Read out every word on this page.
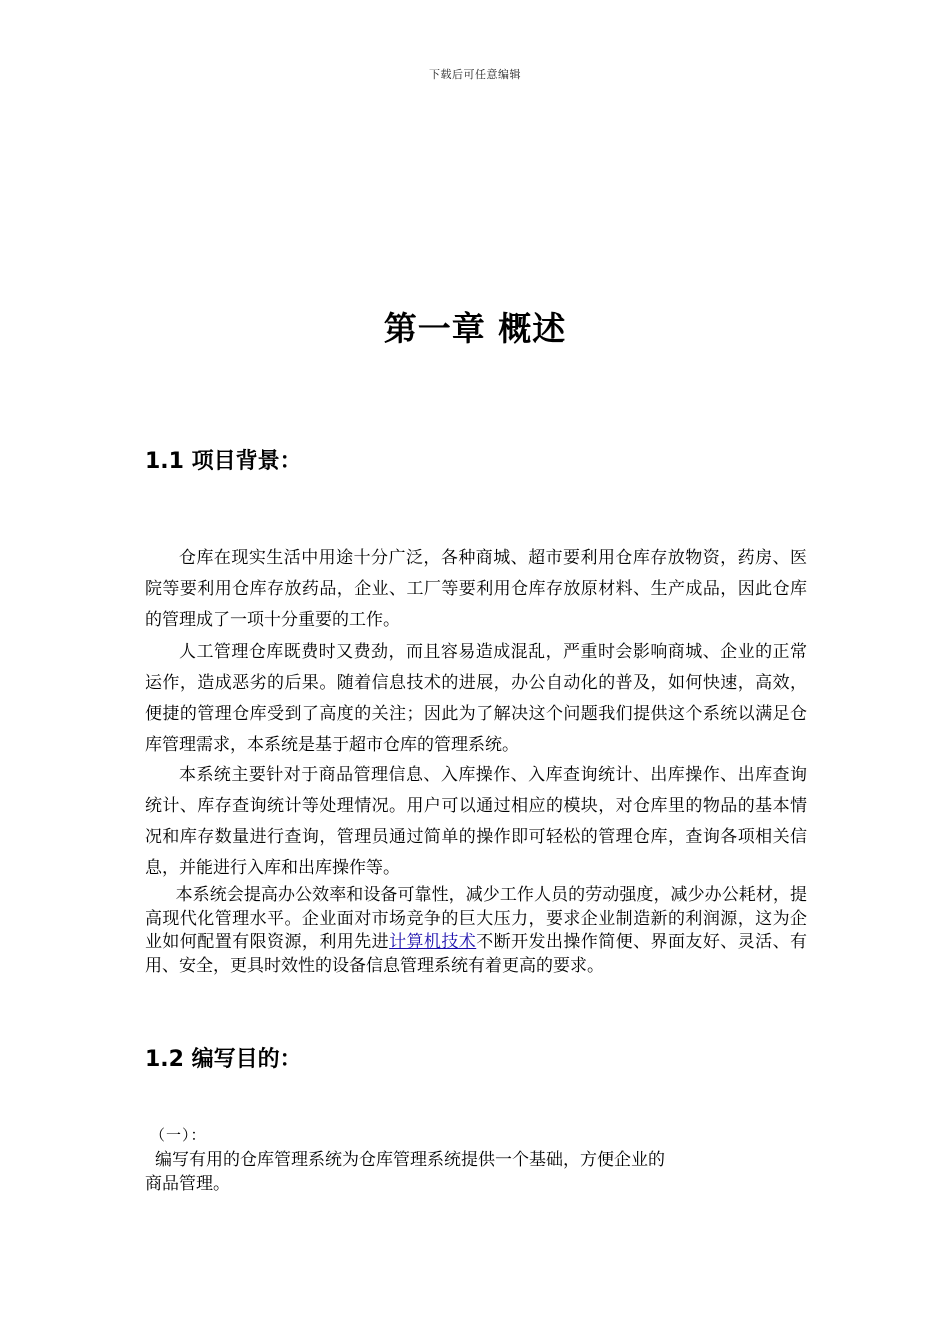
下载后可任意编辑
第一章 概述
1.1 项目背景：

仓库在现实生活中用途十分广泛，各种商城、超市要利用仓库存放物资，药房、医院等要利用仓库存放药品，企业、工厂等要利用仓库存放原材料、生产成品，因此仓库的管理成了一项十分重要的工作。

人工管理仓库既费时又费劲，而且容易造成混乱，严重时会影响商城、企业的正常运作，造成恶劣的后果。随着信息技术的进展，办公自动化的普及，如何快速，高效，便捷的管理仓库受到了高度的关注；因此为了解决这个问题我们提供这个系统以满足仓库管理需求，本系统是基于超市仓库的管理系统。

本系统主要针对于商品管理信息、入库操作、入库查询统计、出库操作、出库查询统计、库存查询统计等处理情况。用户可以通过相应的模块，对仓库里的物品的基本情况和库存数量进行查询，管理员通过简单的操作即可轻松的管理仓库，查询各项相关信息，并能进行入库和出库操作等。

本系统会提高办公效率和设备可靠性，减少工作人员的劳动强度，减少办公耗材，提高现代化管理水平。企业面对市场竞争的巨大压力，要求企业制造新的利润源，这为企业如何配置有限资源，利用先进计算机技术不断开发出操作简便、界面友好、灵活、有用、安全，更具时效性的设备信息管理系统有着更高的要求。

1.2 编写目的：
（一）：

编写有用的仓库管理系统为仓库管理系统提供一个基础，方便企业的
商品管理。
